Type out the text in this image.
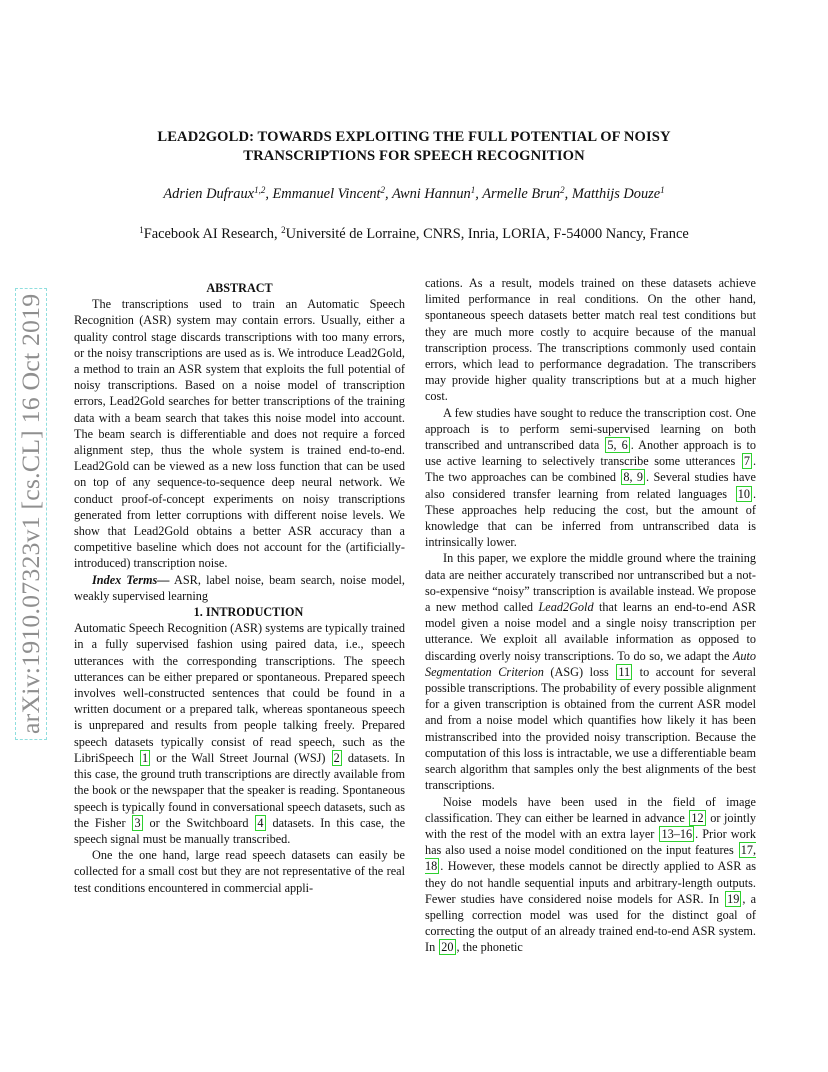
LEAD2GOLD: TOWARDS EXPLOITING THE FULL POTENTIAL OF NOISY
TRANSCRIPTIONS FOR SPEECH RECOGNITION
Adrien Dufraux$^{1,2}$, Emmanuel Vincent$^2$, Awni Hannun$^1$, Armelle Brun$^2$, Matthijs Douze$^1$
$^1$Facebook AI Research, $^2$Université de Lorraine, CNRS, Inria, LORIA, F-54000 Nancy, France
arXiv:1910.07323v1 [cs.CL] 16 Oct 2019

ABSTRACT

The transcriptions used to train an Automatic Speech Recognition (ASR) system may contain errors. Usually, either a quality control stage discards transcriptions with too many errors, or the noisy transcriptions are used as is. We introduce Lead2Gold, a method to train an ASR system that exploits the full potential of noisy transcriptions. Based on a noise model of transcription errors, Lead2Gold searches for better transcriptions of the training data with a beam search that takes this noise model into account. The beam search is differentiable and does not require a forced alignment step, thus the whole system is trained end-to-end. Lead2Gold can be viewed as a new loss function that can be used on top of any sequence-to-sequence deep neural network. We conduct proof-of-concept experiments on noisy transcriptions generated from letter corruptions with different noise levels. We show that Lead2Gold obtains a better ASR accuracy than a competitive baseline which does not account for the (artificially-introduced) transcription noise.

Index Terms— ASR, label noise, beam search, noise model, weakly supervised learning

1. INTRODUCTION

Automatic Speech Recognition (ASR) systems are typically trained in a fully supervised fashion using paired data, i.e., speech utterances with the corresponding transcriptions. The speech utterances can be either prepared or spontaneous. Prepared speech involves well-constructed sentences that could be found in a written document or a prepared talk, whereas spontaneous speech is unprepared and results from people talking freely. Prepared speech datasets typically consist of read speech, such as the LibriSpeech 1 or the Wall Street Journal (WSJ) 2 datasets. In this case, the ground truth transcriptions are directly available from the book or the newspaper that the speaker is reading. Spontaneous speech is typically found in conversational speech datasets, such as the Fisher 3 or the Switchboard 4 datasets. In this case, the speech signal must be manually transcribed.

One the one hand, large read speech datasets can easily be collected for a small cost but they are not representative of the real test conditions encountered in commercial appli-

cations. As a result, models trained on these datasets achieve limited performance in real conditions. On the other hand, spontaneous speech datasets better match real test conditions but they are much more costly to acquire because of the manual transcription process. The transcriptions commonly used contain errors, which lead to performance degradation. The transcribers may provide higher quality transcriptions but at a much higher cost.

A few studies have sought to reduce the transcription cost. One approach is to perform semi-supervised learning on both transcribed and untranscribed data 5, 6 . Another approach is to use active learning to selectively transcribe some utterances 7 . The two approaches can be combined 8, 9 . Several studies have also considered transfer learning from related languages 10 . These approaches help reducing the cost, but the amount of knowledge that can be inferred from untranscribed data is intrinsically lower.

In this paper, we explore the middle ground where the training data are neither accurately transcribed nor untranscribed but a not-so-expensive “noisy” transcription is available instead. We propose a new method called Lead2Gold that learns an end-to-end ASR model given a noise model and a single noisy transcription per utterance. We exploit all available information as opposed to discarding overly noisy transcriptions. To do so, we adapt the Auto Segmentation Criterion (ASG) loss 11 to account for several possible transcriptions. The probability of every possible alignment for a given transcription is obtained from the current ASR model and from a noise model which quantifies how likely it has been mistranscribed into the provided noisy transcription. Because the computation of this loss is intractable, we use a differentiable beam search algorithm that samples only the best alignments of the best transcriptions.

Noise models have been used in the field of image classification. They can either be learned in advance 12 or jointly with the rest of the model with an extra layer 13–16 . Prior work has also used a noise model conditioned on the input features 17, 18 . However, these models cannot be directly applied to ASR as they do not handle sequential inputs and arbitrary-length outputs. Fewer studies have considered noise models for ASR. In 19 , a spelling correction model was used for the distinct goal of correcting the output of an already trained end-to-end ASR system. In 20 , the phonetic
